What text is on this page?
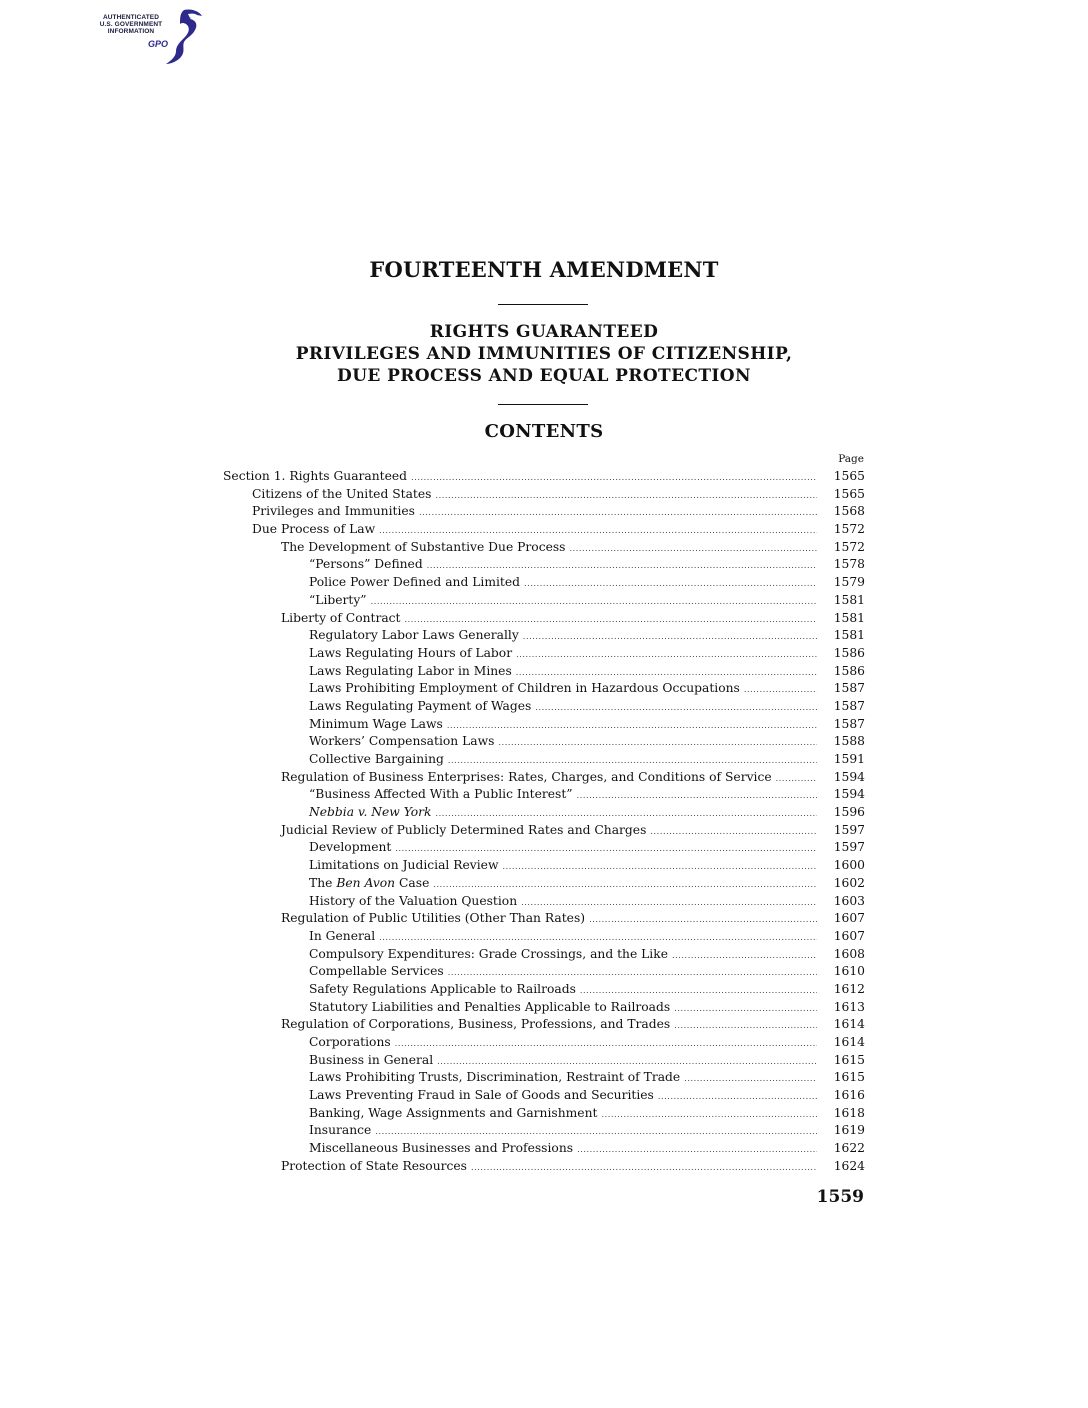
AUTHENTICATED
U.S. GOVERNMENT
INFORMATION
GPO
FOURTEENTH AMENDMENT
RIGHTS GUARANTEED
PRIVILEGES AND IMMUNITIES OF CITIZENSHIP,
DUE PROCESS AND EQUAL PROTECTION
CONTENTS
Page
Section 1. Rights Guaranteed .....	1565
Citizens of the United States .....	1565
Privileges and Immunities .....	1568
Due Process of Law .....	1572
The Development of Substantive Due Process .....	1572
“Persons” Defined .....	1578
Police Power Defined and Limited .....	1579
“Liberty” .....	1581
Liberty of Contract .....	1581
Regulatory Labor Laws Generally .....	1581
Laws Regulating Hours of Labor .....	1586
Laws Regulating Labor in Mines .....	1586
Laws Prohibiting Employment of Children in Hazardous Occupations .....	1587
Laws Regulating Payment of Wages .....	1587
Minimum Wage Laws .....	1587
Workers’ Compensation Laws .....	1588
Collective Bargaining .....	1591
Regulation of Business Enterprises: Rates, Charges, and Conditions of Service .....	1594
“Business Affected With a Public Interest” .....	1594
Nebbia v. New York .....	1596
Judicial Review of Publicly Determined Rates and Charges .....	1597
Development .....	1597
Limitations on Judicial Review .....	1600
The Ben Avon Case .....	1602
History of the Valuation Question .....	1603
Regulation of Public Utilities (Other Than Rates) .....	1607
In General .....	1607
Compulsory Expenditures: Grade Crossings, and the Like .....	1608
Compellable Services .....	1610
Safety Regulations Applicable to Railroads .....	1612
Statutory Liabilities and Penalties Applicable to Railroads .....	1613
Regulation of Corporations, Business, Professions, and Trades .....	1614
Corporations .....	1614
Business in General .....	1615
Laws Prohibiting Trusts, Discrimination, Restraint of Trade .....	1615
Laws Preventing Fraud in Sale of Goods and Securities .....	1616
Banking, Wage Assignments and Garnishment .....	1618
Insurance .....	1619
Miscellaneous Businesses and Professions .....	1622
Protection of State Resources .....	1624
1559
